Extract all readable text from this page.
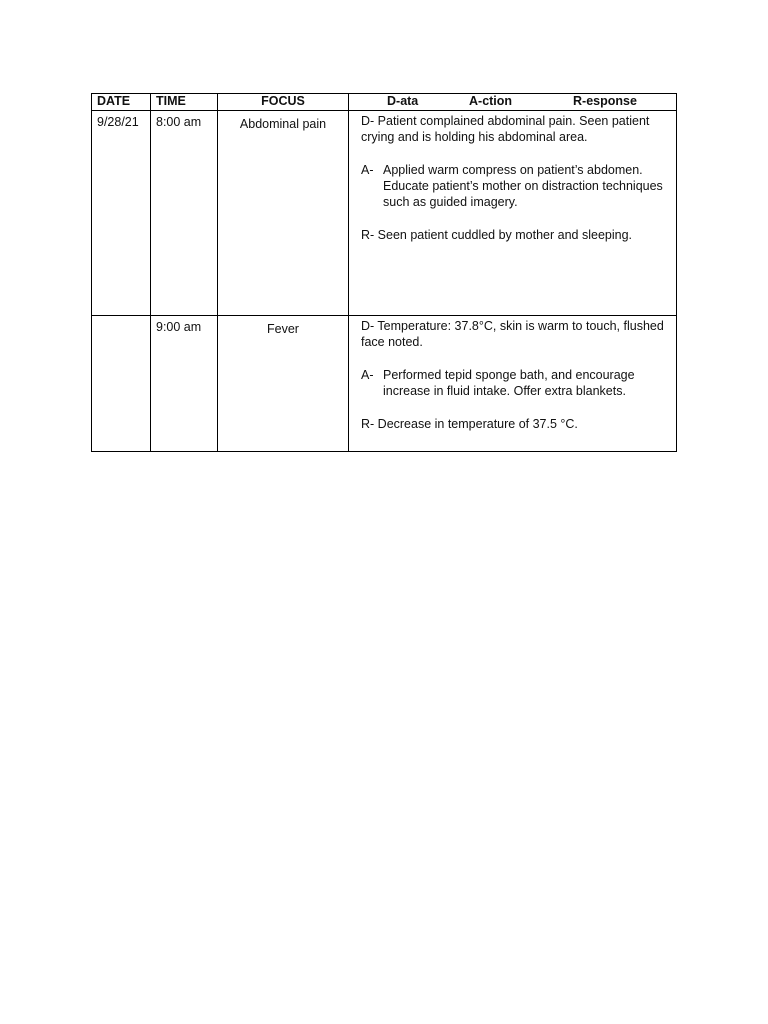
DATE	TIME	FOCUS	D-ata A-ction R-esponse

9/28/21	8:00 am	Abdominal pain	D- Patient complained abdominal pain. Seen patient crying and is holding his abdominal area.

A- Applied warm compress on patient’s abdomen. Educate patient’s mother on distraction techniques such as guided imagery.

R- Seen patient cuddled by mother and sleeping.

	9:00 am	Fever	D- Temperature: 37.8°C, skin is warm to touch, flushed face noted.

A- Performed tepid sponge bath, and encourage increase in fluid intake. Offer extra blankets.

R- Decrease in temperature of 37.5 °C.
